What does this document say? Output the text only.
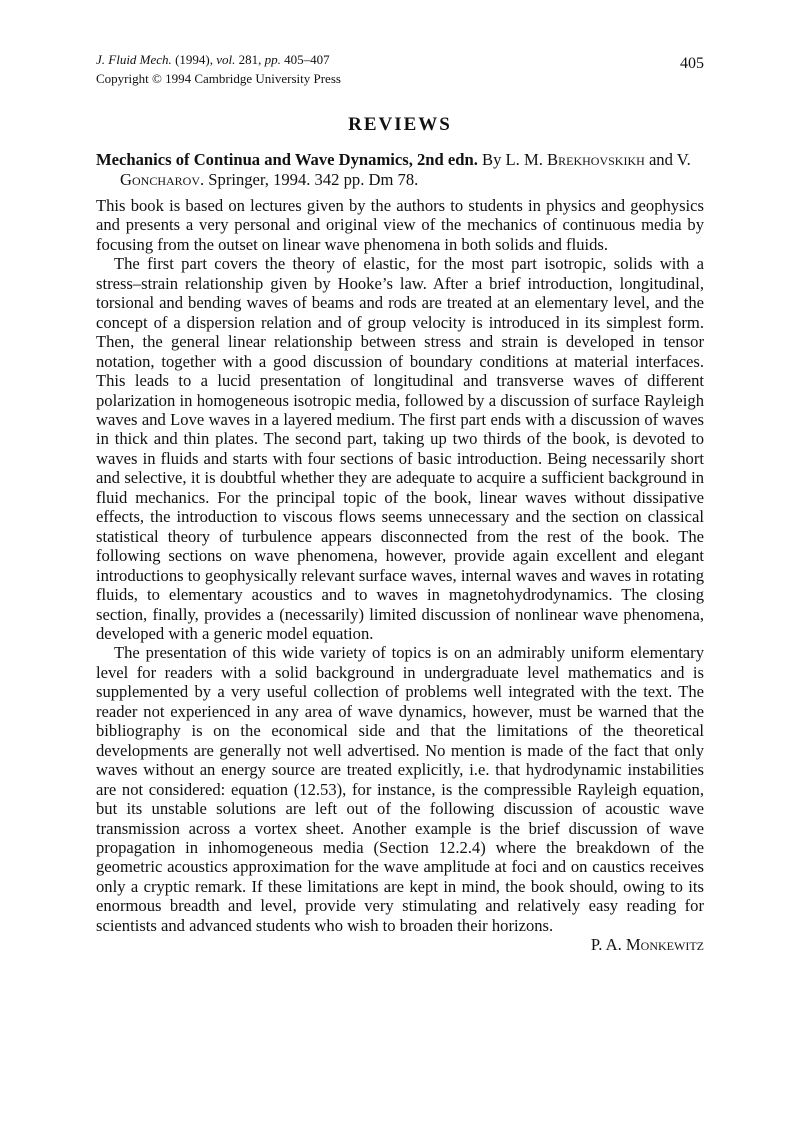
J. Fluid Mech. (1994), vol. 281, pp. 405–407
Copyright © 1994 Cambridge University Press
405
REVIEWS

Mechanics of Continua and Wave Dynamics, 2nd edn. By L. M. Brekhovskikh and V. Goncharov. Springer, 1994. 342 pp. Dm 78.

This book is based on lectures given by the authors to students in physics and geophysics and presents a very personal and original view of the mechanics of continuous media by focusing from the outset on linear wave phenomena in both solids and fluids.

The first part covers the theory of elastic, for the most part isotropic, solids with a stress–strain relationship given by Hooke’s law. After a brief introduction, longitudinal, torsional and bending waves of beams and rods are treated at an elementary level, and the concept of a dispersion relation and of group velocity is introduced in its simplest form. Then, the general linear relationship between stress and strain is developed in tensor notation, together with a good discussion of boundary conditions at material interfaces. This leads to a lucid presentation of longitudinal and transverse waves of different polarization in homogeneous isotropic media, followed by a discussion of surface Rayleigh waves and Love waves in a layered medium. The first part ends with a discussion of waves in thick and thin plates. The second part, taking up two thirds of the book, is devoted to waves in fluids and starts with four sections of basic introduction. Being necessarily short and selective, it is doubtful whether they are adequate to acquire a sufficient background in fluid mechanics. For the principal topic of the book, linear waves without dissipative effects, the introduction to viscous flows seems unnecessary and the section on classical statistical theory of turbulence appears disconnected from the rest of the book. The following sections on wave phenomena, however, provide again excellent and elegant introductions to geophysically relevant surface waves, internal waves and waves in rotating fluids, to elementary acoustics and to waves in magnetohydrodynamics. The closing section, finally, provides a (necessarily) limited discussion of nonlinear wave phenomena, developed with a generic model equation.

The presentation of this wide variety of topics is on an admirably uniform elementary level for readers with a solid background in undergraduate level mathematics and is supplemented by a very useful collection of problems well integrated with the text. The reader not experienced in any area of wave dynamics, however, must be warned that the bibliography is on the economical side and that the limitations of the theoretical developments are generally not well advertised. No mention is made of the fact that only waves without an energy source are treated explicitly, i.e. that hydrodynamic instabilities are not considered: equation (12.53), for instance, is the compressible Rayleigh equation, but its unstable solutions are left out of the following discussion of acoustic wave transmission across a vortex sheet. Another example is the brief discussion of wave propagation in inhomogeneous media (Section 12.2.4) where the breakdown of the geometric acoustics approximation for the wave amplitude at foci and on caustics receives only a cryptic remark. If these limitations are kept in mind, the book should, owing to its enormous breadth and level, provide very stimulating and relatively easy reading for scientists and advanced students who wish to broaden their horizons.

P. A. Monkewitz
